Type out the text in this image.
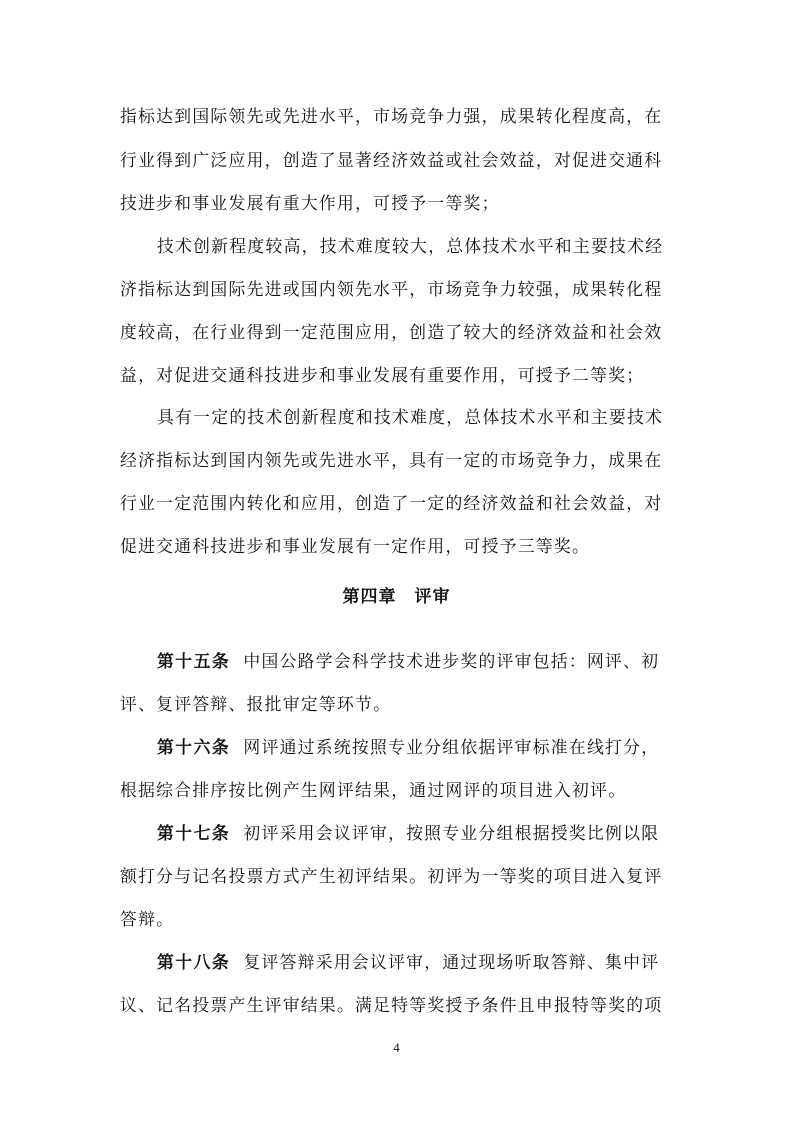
指标达到国际领先或先进水平，市场竞争力强，成果转化程度高，在
行业得到广泛应用，创造了显著经济效益或社会效益，对促进交通科
技进步和事业发展有重大作用，可授予一等奖；
技术创新程度较高，技术难度较大，总体技术水平和主要技术经
济指标达到国际先进或国内领先水平，市场竞争力较强，成果转化程
度较高，在行业得到一定范围应用，创造了较大的经济效益和社会效
益，对促进交通科技进步和事业发展有重要作用，可授予二等奖；
具有一定的技术创新程度和技术难度，总体技术水平和主要技术
经济指标达到国内领先或先进水平，具有一定的市场竞争力，成果在
行业一定范围内转化和应用，创造了一定的经济效益和社会效益，对
促进交通科技进步和事业发展有一定作用，可授予三等奖。
第四章　评审
第十五条 中国公路学会科学技术进步奖的评审包括：网评、初
评、复评答辩、报批审定等环节。
第十六条 网评通过系统按照专业分组依据评审标准在线打分，
根据综合排序按比例产生网评结果，通过网评的项目进入初评。
第十七条 初评采用会议评审，按照专业分组根据授奖比例以限
额打分与记名投票方式产生初评结果。初评为一等奖的项目进入复评
答辩。
第十八条 复评答辩采用会议评审，通过现场听取答辩、集中评
议、记名投票产生评审结果。满足特等奖授予条件且申报特等奖的项
4
